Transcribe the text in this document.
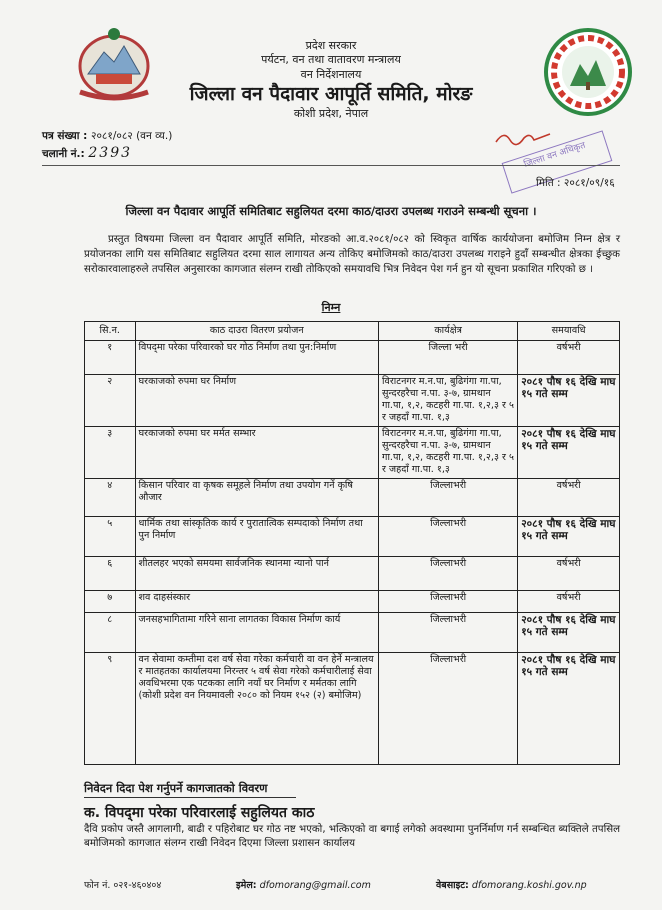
प्रदेश सरकार
पर्यटन, वन तथा वातावरण मन्त्रालय
वन निर्देशनालय
जिल्ला वन पैदावार आपूर्ति समिति, मोरङ
कोशी प्रदेश, नेपाल
पत्र संख्या : २०८१/०८२ (वन व्य.)
चलानी नं.: 2393	जिल्ला वन अधिकृत
मिति : २०८१/०९/१६
जिल्ला वन पैदावार आपूर्ति समितिबाट सहुलियत दरमा काठ/दाउरा उपलब्ध गराउने सम्बन्धी सूचना ।
प्रस्तुत विषयमा जिल्ला वन पैदावार आपूर्ति समिति, मोरङको आ.व.२०८१/०८२ को स्विकृत वार्षिक कार्ययोजना बमोजिम निम्न क्षेत्र र प्रयोजनका लागि यस समितिबाट सहुलियत दरमा साल लागायत अन्य तोकिए बमोजिमको काठ/दाउरा उपलब्ध गराइने हुदाँ सम्बन्धीत क्षेत्रका ईच्छुक सरोकारवालाहरुले तपसिल अनुसारका कागजात संलग्न राखी तोकिएको समयावधि भित्र निवेदन पेश गर्न हुन यो सूचना प्रकाशित गरिएको छ ।
निम्न
सि.न.	काठ दाउरा वितरण प्रयोजन	कार्यक्षेत्र	समयावधि
१	विपद्‌मा परेका परिवारको घर गोठ निर्माण तथा पुन:निर्माण	जिल्ला भरी	वर्षभरी
२	घरकाजको रुपमा घर निर्माण	विराटनगर म.न.पा, बुढिगंगा गा.पा, सुन्दरहरैचा न.पा. ३-७, ग्रामथान गा.पा, १,२, कटहरी गा.पा. १,२,३ र ५ र जहदाँ गा.पा. १,३	२०८१ पौष १६ देखि माघ १५ गते सम्म
३	घरकाजको रुपमा घर मर्मत सम्भार	विराटनगर म.न.पा, बुढिगंगा गा.पा, सुन्दरहरैचा न.पा. ३-७, ग्रामथान गा.पा, १,२, कटहरी गा.पा. १,२,३ र ५ र जहदाँ गा.पा. १,३	२०८१ पौष १६ देखि माघ १५ गते सम्म
४	किसान परिवार वा कृषक समूहले निर्माण तथा उपयोग गर्ने कृषि औजार	जिल्लाभरी	वर्षभरी
५	धार्मिक तथा सांस्कृतिक कार्य र पुरातात्विक सम्पदाको निर्माण तथा पुन निर्माण	जिल्लाभरी	२०८१ पौष १६ देखि माघ १५ गते सम्म
६	शीतलहर भएको समयमा सार्वजनिक स्थानमा न्यानो पार्न	जिल्लाभरी	वर्षभरी
७	शव दाहसंस्कार	जिल्लाभरी	वर्षभरी
८	जनसहभागितामा गरिने साना लागतका विकास निर्माण कार्य	जिल्लाभरी	२०८१ पौष १६ देखि माघ १५ गते सम्म
९	वन सेवामा कम्तीमा दश वर्ष सेवा गरेका कर्मचारी वा वन हेर्ने मन्त्रालय र मातहतका कार्यालयमा निरन्तर ५ वर्ष सेवा गरेको कर्मचारीलाई सेवा अवधिभरमा एक पटकका लागि नयाँ घर निर्माण र मर्मतका लागि (कोशी प्रदेश वन नियमावली २०८० को नियम १५२ (२) बमोजिम)	जिल्लाभरी	२०८१ पौष १६ देखि माघ १५ गते सम्म
निवेदन दिदा पेश गर्नुपर्ने कागजातको विवरण
क. विपद्‌मा परेका परिवारलाई सहुलियत काठ
दैवि प्रकोप जस्तै आगलागी, बाढी र पहिरोबाट घर गोठ नष्ट भएको, भत्किएको वा बगाई लगेको अवस्थामा पुनर्निर्माण गर्न सम्बन्धित ब्यक्तिले तपसिल बमोजिमको कागजात संलग्न राखी निवेदन दिएमा जिल्ला प्रशासन कार्यालय
फोन नं. ०२१-४६०४०४	इमेल: dfomorang@gmail.com	वेबसाइट: dfomorang.koshi.gov.np
